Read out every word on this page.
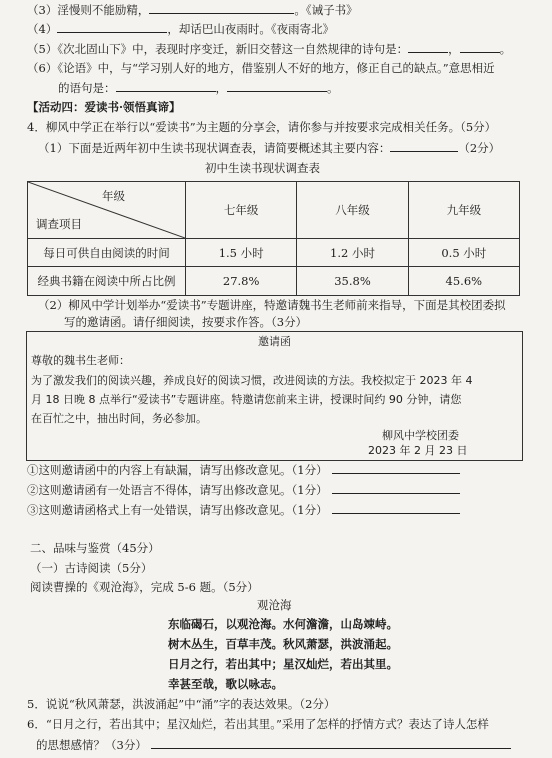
（3）淫慢则不能励精，	。《诫子书》
（4）	，却话巴山夜雨时。《夜雨寄北》
（5）《次北固山下》中，表现时序变迁，新旧交替这一自然规律的诗句是：	，	。
（6）《论语》中，与“学习别人好的地方，借鉴别人不好的地方，修正自己的缺点。”意思相近
的语句是：	，	。
【活动四：爱读书·领悟真谛】
4．柳风中学正在举行以“爱读书”为主题的分享会，请你参与并按要求完成相关任务。（5分）
（1）下面是近两年初中生读书现状调查表，请简要概述其主要内容：	（2分）
初中生读书现状调查表
年级
调查项目	七年级	八年级	九年级
每日可供自由阅读的时间	1.5 小时	1.2 小时	0.5 小时
经典书籍在阅读中所占比例	27.8%	35.8%	45.6%
（2）柳风中学计划举办“爱读书”专题讲座，特邀请魏书生老师前来指导，下面是其校团委拟
写的邀请函。请仔细阅读，按要求作答。（3分）
邀请函
尊敬的魏书生老师：
为了激发我们的阅读兴趣，养成良好的阅读习惯，改进阅读的方法。我校拟定于 2023 年 4
月 18 日晚 8 点举行“爱读书”专题讲座。特邀请您前来主讲，授课时间约 90 分钟，请您
在百忙之中，抽出时间，务必参加。
柳风中学校团委
2023 年 2 月 23 日
①这则邀请函中的内容上有缺漏，请写出修改意见。（1分）
②这则邀请函有一处语言不得体，请写出修改意见。（1分）
③这则邀请函格式上有一处错误，请写出修改意见。（1分）
二、品味与鉴赏（45分）
（一）古诗阅读（5分）
阅读曹操的《观沧海》，完成 5-6 题。（5分）
观沧海
东临碣石，以观沧海。水何澹澹，山岛竦峙。
树木丛生，百草丰茂。秋风萧瑟，洪波涌起。
日月之行，若出其中；星汉灿烂，若出其里。
幸甚至哉，歌以咏志。
5．说说“秋风萧瑟，洪波涌起”中“涌”字的表达效果。（2分）
6．“日月之行，若出其中；星汉灿烂，若出其里。”采用了怎样的抒情方式？表达了诗人怎样
的思想感情？（3分）
